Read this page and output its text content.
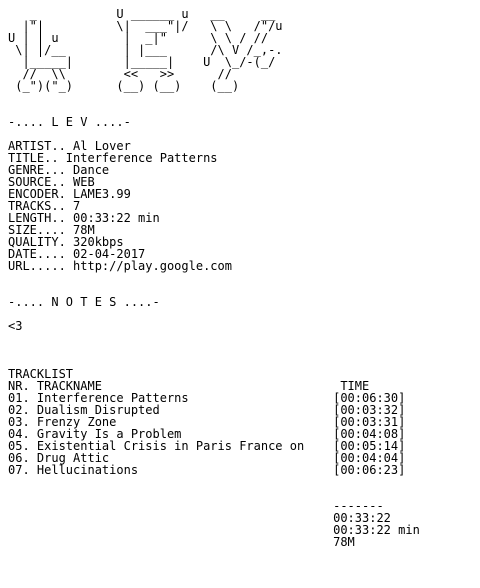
_           U ______ u   __     __
|"|          \|  ___"|/   \ \   /"/u
U | | u         |  _|"      \ \ / //
\| |/__        | |___      /\ V /_,-.
|_____|       |_____|    U  \_/-(_/
//  \\        <<   >>      //
(_")("_)      (__) (__)    (__)
-.... L E V ....-
ARTIST.. Al Lover
TITLE.. Interference Patterns
GENRE... Dance
SOURCE.. WEB
ENCODER. LAME3.99
TRACKS.. 7
LENGTH.. 00:33:22 min
SIZE.... 78M
QUALITY. 320kbps
DATE.... 02-04-2017
URL..... http://play.google.com
-.... N O T E S ....-
<3
TRACKLIST
NR. TRACKNAME                                 TIME
01. Interference Patterns                    [00:06:30]
02. Dualism Disrupted                        [00:03:32]
03. Frenzy Zone                              [00:03:31]
04. Gravity Is a Problem                     [00:04:08]
05. Existential Crisis in Paris France on    [00:05:14]
06. Drug Attic                               [00:04:04]
07. Hellucinations                           [00:06:23]
-------
00:33:22
00:33:22 min
78M
